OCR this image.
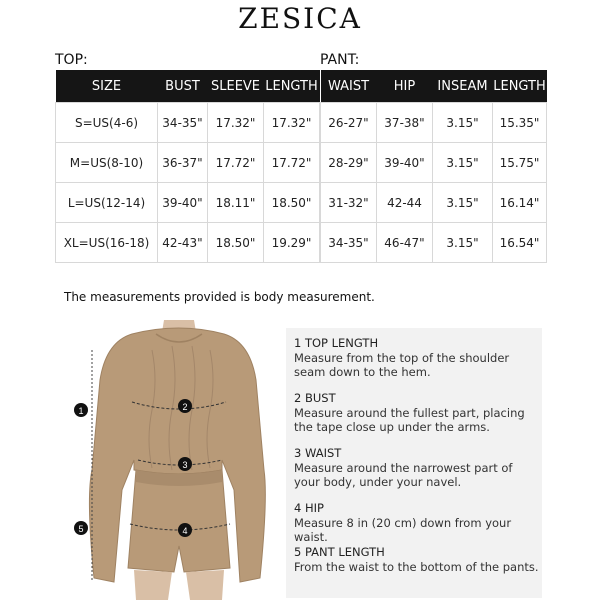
ZESICA
TOP:	PANT:
SIZE	BUST	SLEEVE	LENGTH
S=US(4-6)	34-35"	17.32"	17.32"
M=US(8-10)	36-37"	17.72"	17.72"
L=US(12-14)	39-40"	18.11"	18.50"
XL=US(16-18)	42-43"	18.50"	19.29"
WAIST	HIP	INSEAM	LENGTH
26-27"	37-38"	3.15"	15.35"
28-29"	39-40"	3.15"	15.75"
31-32"	42-44	3.15"	16.14"
34-35"	46-47"	3.15"	16.54"
The measurements provided is body measurement.
1
5
2
3
4
1 TOP LENGTH
Measure from the top of the shoulder
seam down to the hem.
2 BUST
Measure around the fullest part, placing
the tape close up under the arms.
3 WAIST
Measure around the narrowest part of
your body, under your navel.
4 HIP
Measure 8 in (20 cm) down from your waist.
5 PANT LENGTH
From the waist to the bottom of the pants.
